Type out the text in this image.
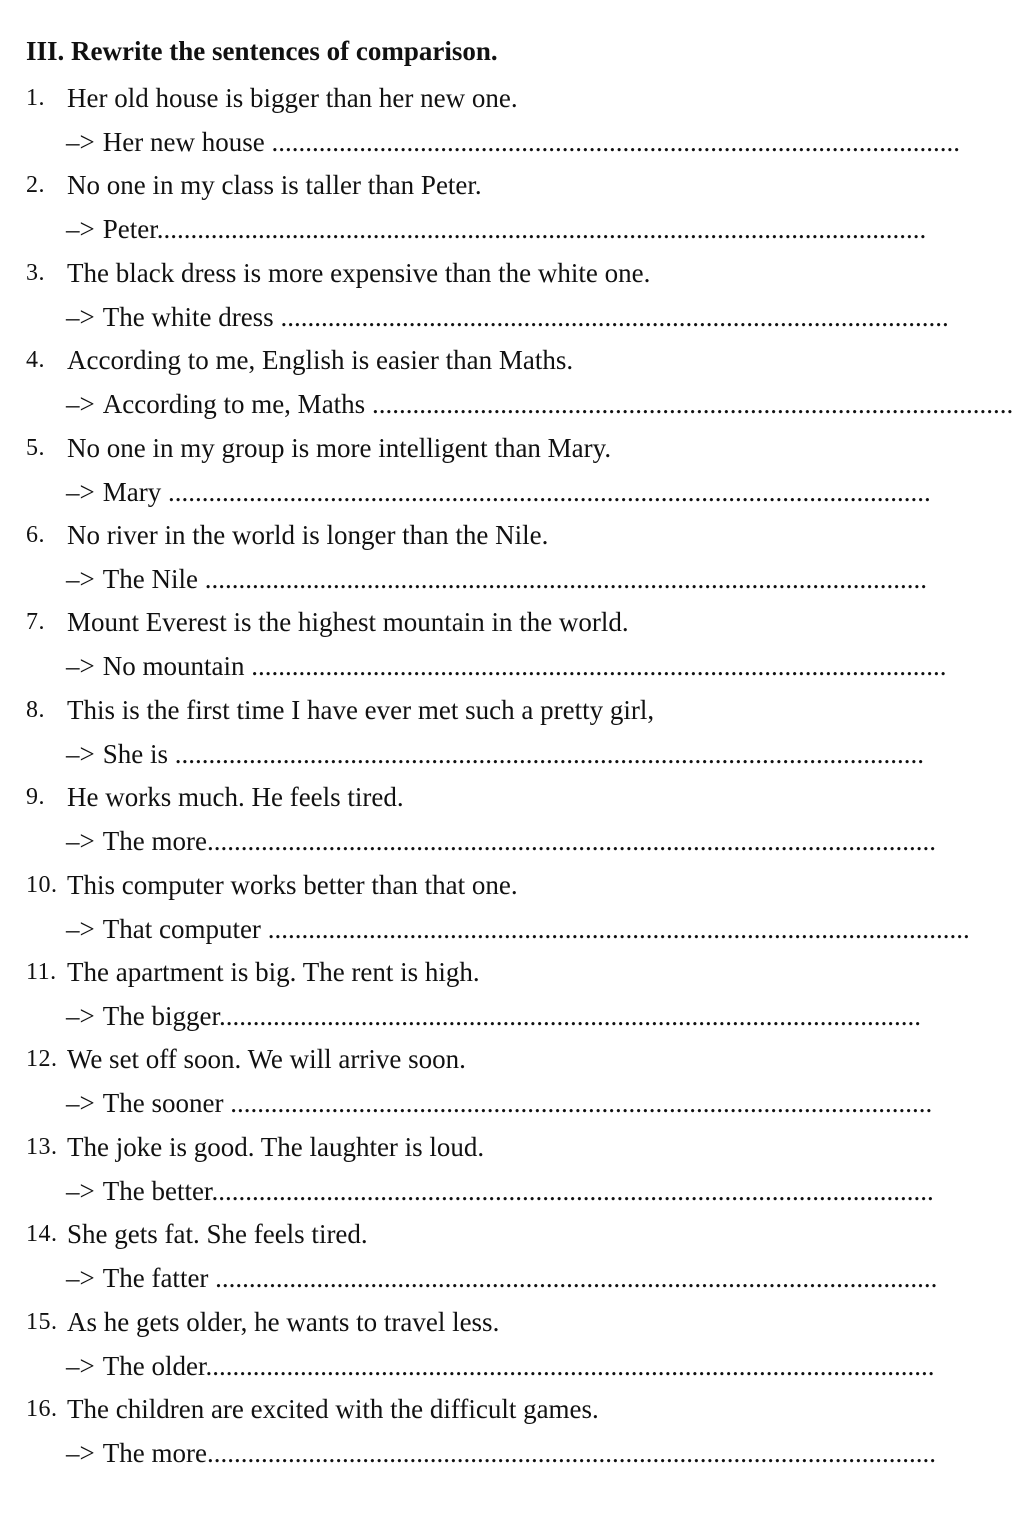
III. Rewrite the sentences of comparison.
1. Her old house is bigger than her new one.
–> Her new house ......................................................................................................
2. No one in my class is taller than Peter.
–> Peter..................................................................................................................
3. The black dress is more expensive than the white one.
–> The white dress ...................................................................................................
4. According to me, English is easier than Maths.
–> According to me, Maths ...............................................................................................
5. No one in my group is more intelligent than Mary.
–> Mary .................................................................................................................
6. No river in the world is longer than the Nile.
–> The Nile ...........................................................................................................
7. Mount Everest is the highest mountain in the world.
–> No mountain .......................................................................................................
8. This is the first time I have ever met such a pretty girl,
–> She is ...............................................................................................................
9. He works much. He feels tired.
–> The more............................................................................................................
10. This computer works better than that one.
–> That computer ........................................................................................................
11. The apartment is big. The rent is high.
–> The bigger........................................................................................................
12. We set off soon. We will arrive soon.
–> The sooner ........................................................................................................
13. The joke is good. The laughter is loud.
–> The better...........................................................................................................
14. She gets fat. She feels tired.
–> The fatter ...........................................................................................................
15. As he gets older, he wants to travel less.
–> The older............................................................................................................
16. The children are excited with the difficult games.
–> The more............................................................................................................
